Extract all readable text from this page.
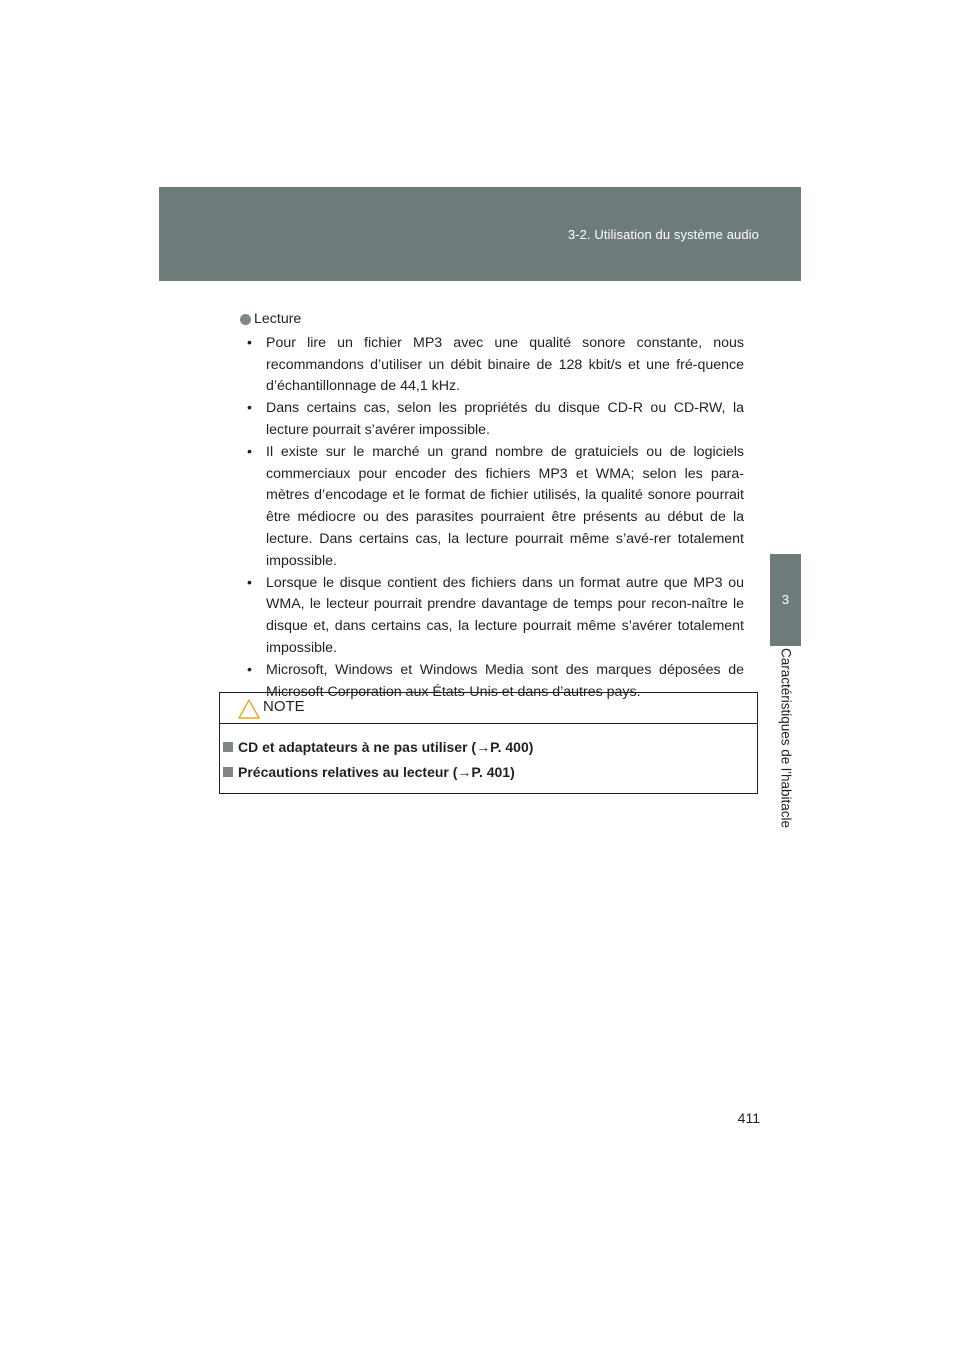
3-2. Utilisation du système audio
3
Caractéristiques de l’habitacle
Lecture
• Pour lire un fichier MP3 avec une qualité sonore constante, nous recommandons d’utiliser un débit binaire de 128 kbit/s et une fré-quence d’échantillonnage de 44,1 kHz.
• Dans certains cas, selon les propriétés du disque CD-R ou CD-RW, la lecture pourrait s’avérer impossible.
• Il existe sur le marché un grand nombre de gratuiciels ou de logiciels commerciaux pour encoder des fichiers MP3 et WMA; selon les para-mètres d’encodage et le format de fichier utilisés, la qualité sonore pourrait être médiocre ou des parasites pourraient être présents au début de la lecture. Dans certains cas, la lecture pourrait même s’avé-rer totalement impossible.
• Lorsque le disque contient des fichiers dans un format autre que MP3 ou WMA, le lecteur pourrait prendre davantage de temps pour recon-naître le disque et, dans certains cas, la lecture pourrait même s’avérer totalement impossible.
• Microsoft, Windows et Windows Media sont des marques déposées de Microsoft Corporation aux États-Unis et dans d’autres pays.
NOTE
CD et adaptateurs à ne pas utiliser (→P. 400)
Précautions relatives au lecteur (→P. 401)
411
